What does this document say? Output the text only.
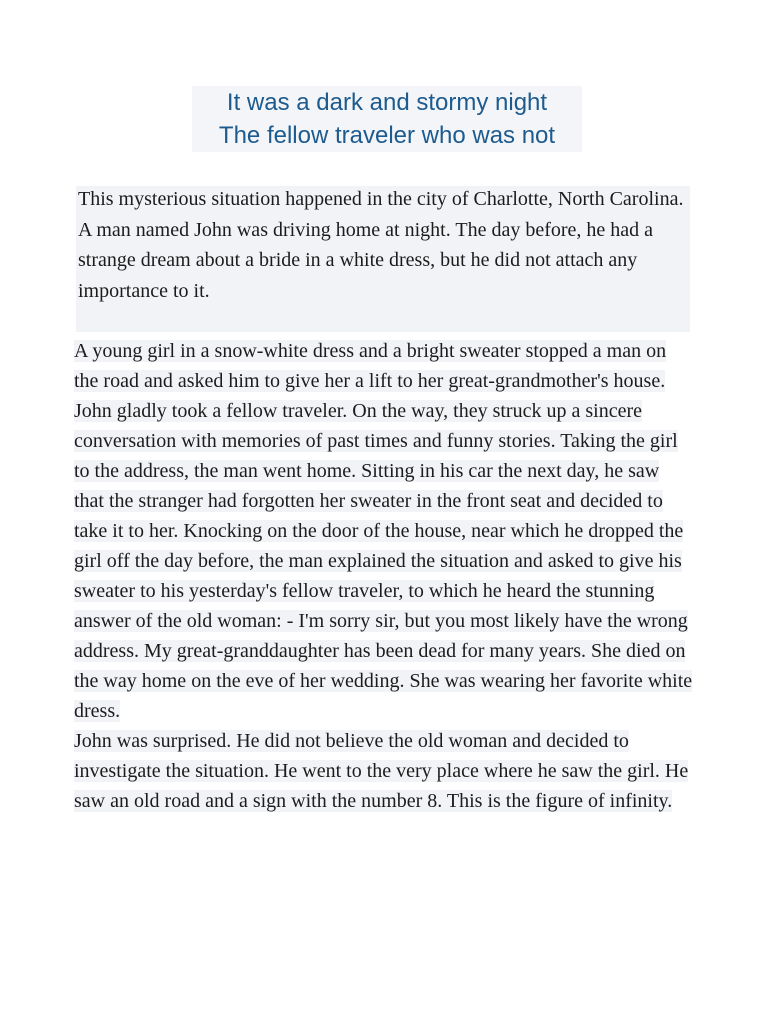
It was a dark and stormy night
The fellow traveler who was not

This mysterious situation happened in the city of Charlotte, North Carolina. A man named John was driving home at night. The day before, he had a strange dream about a bride in a white dress, but he did not attach any importance to it.

A young girl in a snow-white dress and a bright sweater stopped a man on the road and asked him to give her a lift to her great-grandmother's house. John gladly took a fellow traveler. On the way, they struck up a sincere conversation with memories of past times and funny stories. Taking the girl to the address, the man went home. Sitting in his car the next day, he saw that the stranger had forgotten her sweater in the front seat and decided to take it to her. Knocking on the door of the house, near which he dropped the girl off the day before, the man explained the situation and asked to give his sweater to his yesterday's fellow traveler, to which he heard the stunning answer of the old woman: - I'm sorry sir, but you most likely have the wrong address. My great-granddaughter has been dead for many years. She died on the way home on the eve of her wedding. She was wearing her favorite white dress.

John was surprised. He did not believe the old woman and decided to investigate the situation. He went to the very place where he saw the girl. He saw an old road and a sign with the number 8. This is the figure of infinity.
